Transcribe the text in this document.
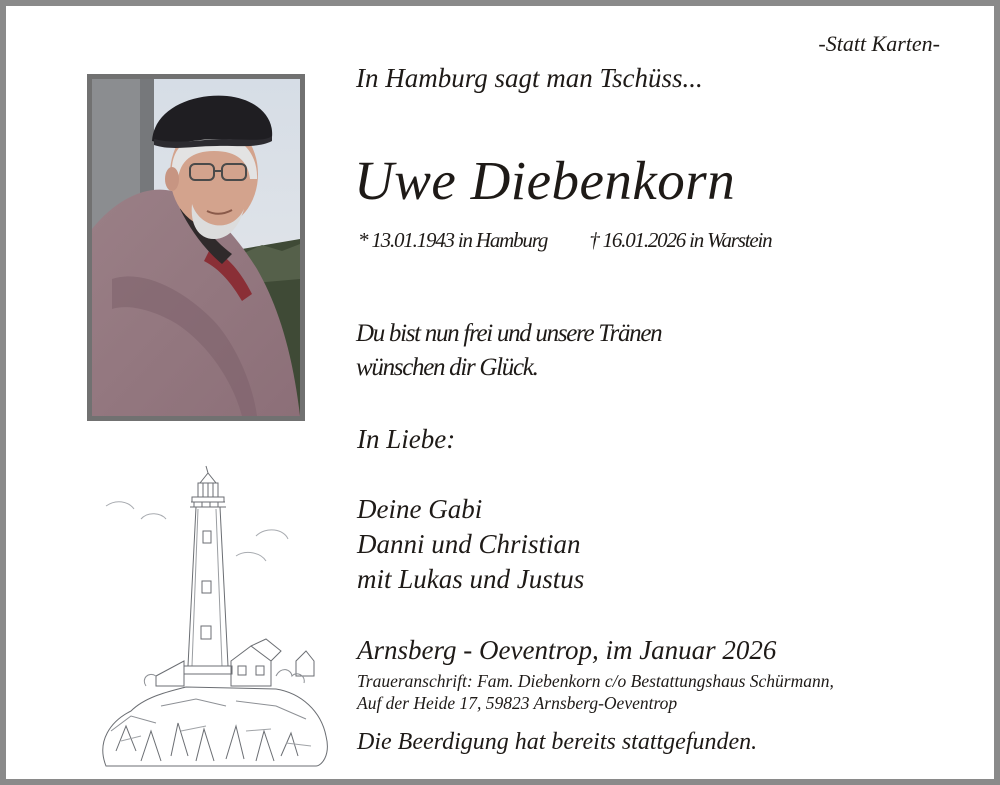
-Statt Karten-
In Hamburg sagt man Tschüss...
Uwe Diebenkorn
* 13.01.1943 in Hamburg † 16.01.2026 in Warstein
Du bist nun frei und unsere Tränen
wünschen dir Glück.
In Liebe:
Deine Gabi
Danni und Christian
mit Lukas und Justus
Arnsberg - Oeventrop, im Januar 2026
Traueranschrift: Fam. Diebenkorn c/o Bestattungshaus Schürmann,
Auf der Heide 17, 59823 Arnsberg-Oeventrop
Die Beerdigung hat bereits stattgefunden.
